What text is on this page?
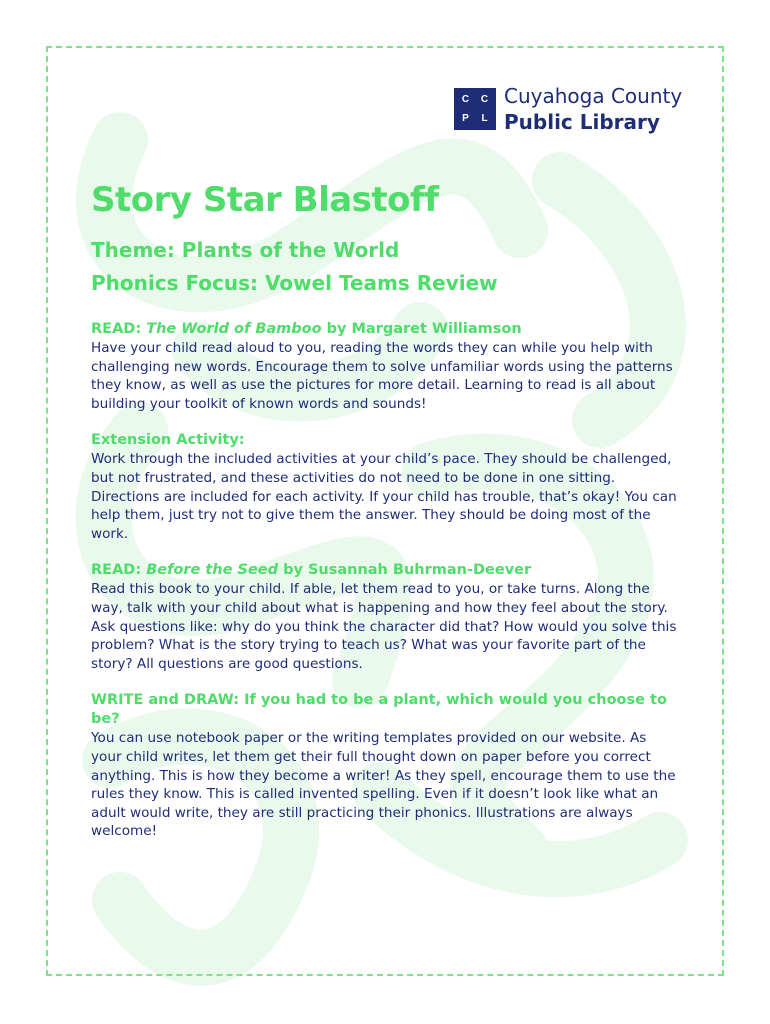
C	C
P	L
Cuyahoga County
Public Library
Story Star Blastoff
Theme: Plants of the World
Phonics Focus: Vowel Teams Review
READ: The World of Bamboo by Margaret Williamson

Have your child read aloud to you, reading the words they can while you help with challenging new words. Encourage them to solve unfamiliar words using the patterns they know, as well as use the pictures for more detail. Learning to read is all about building your toolkit of known words and sounds!

Extension Activity:

Work through the included activities at your child’s pace. They should be challenged, but not frustrated, and these activities do not need to be done in one sitting. Directions are included for each activity. If your child has trouble, that’s okay! You can help them, just try not to give them the answer. They should be doing most of the work.

READ: Before the Seed by Susannah Buhrman-Deever

Read this book to your child. If able, let them read to you, or take turns. Along the way, talk with your child about what is happening and how they feel about the story. Ask questions like: why do you think the character did that? How would you solve this problem? What is the story trying to teach us? What was your favorite part of the story? All questions are good questions.

WRITE and DRAW: If you had to be a plant, which would you choose to be?

You can use notebook paper or the writing templates provided on our website. As your child writes, let them get their full thought down on paper before you correct anything. This is how they become a writer! As they spell, encourage them to use the rules they know. This is called invented spelling. Even if it doesn’t look like what an adult would write, they are still practicing their phonics. Illustrations are always welcome!
